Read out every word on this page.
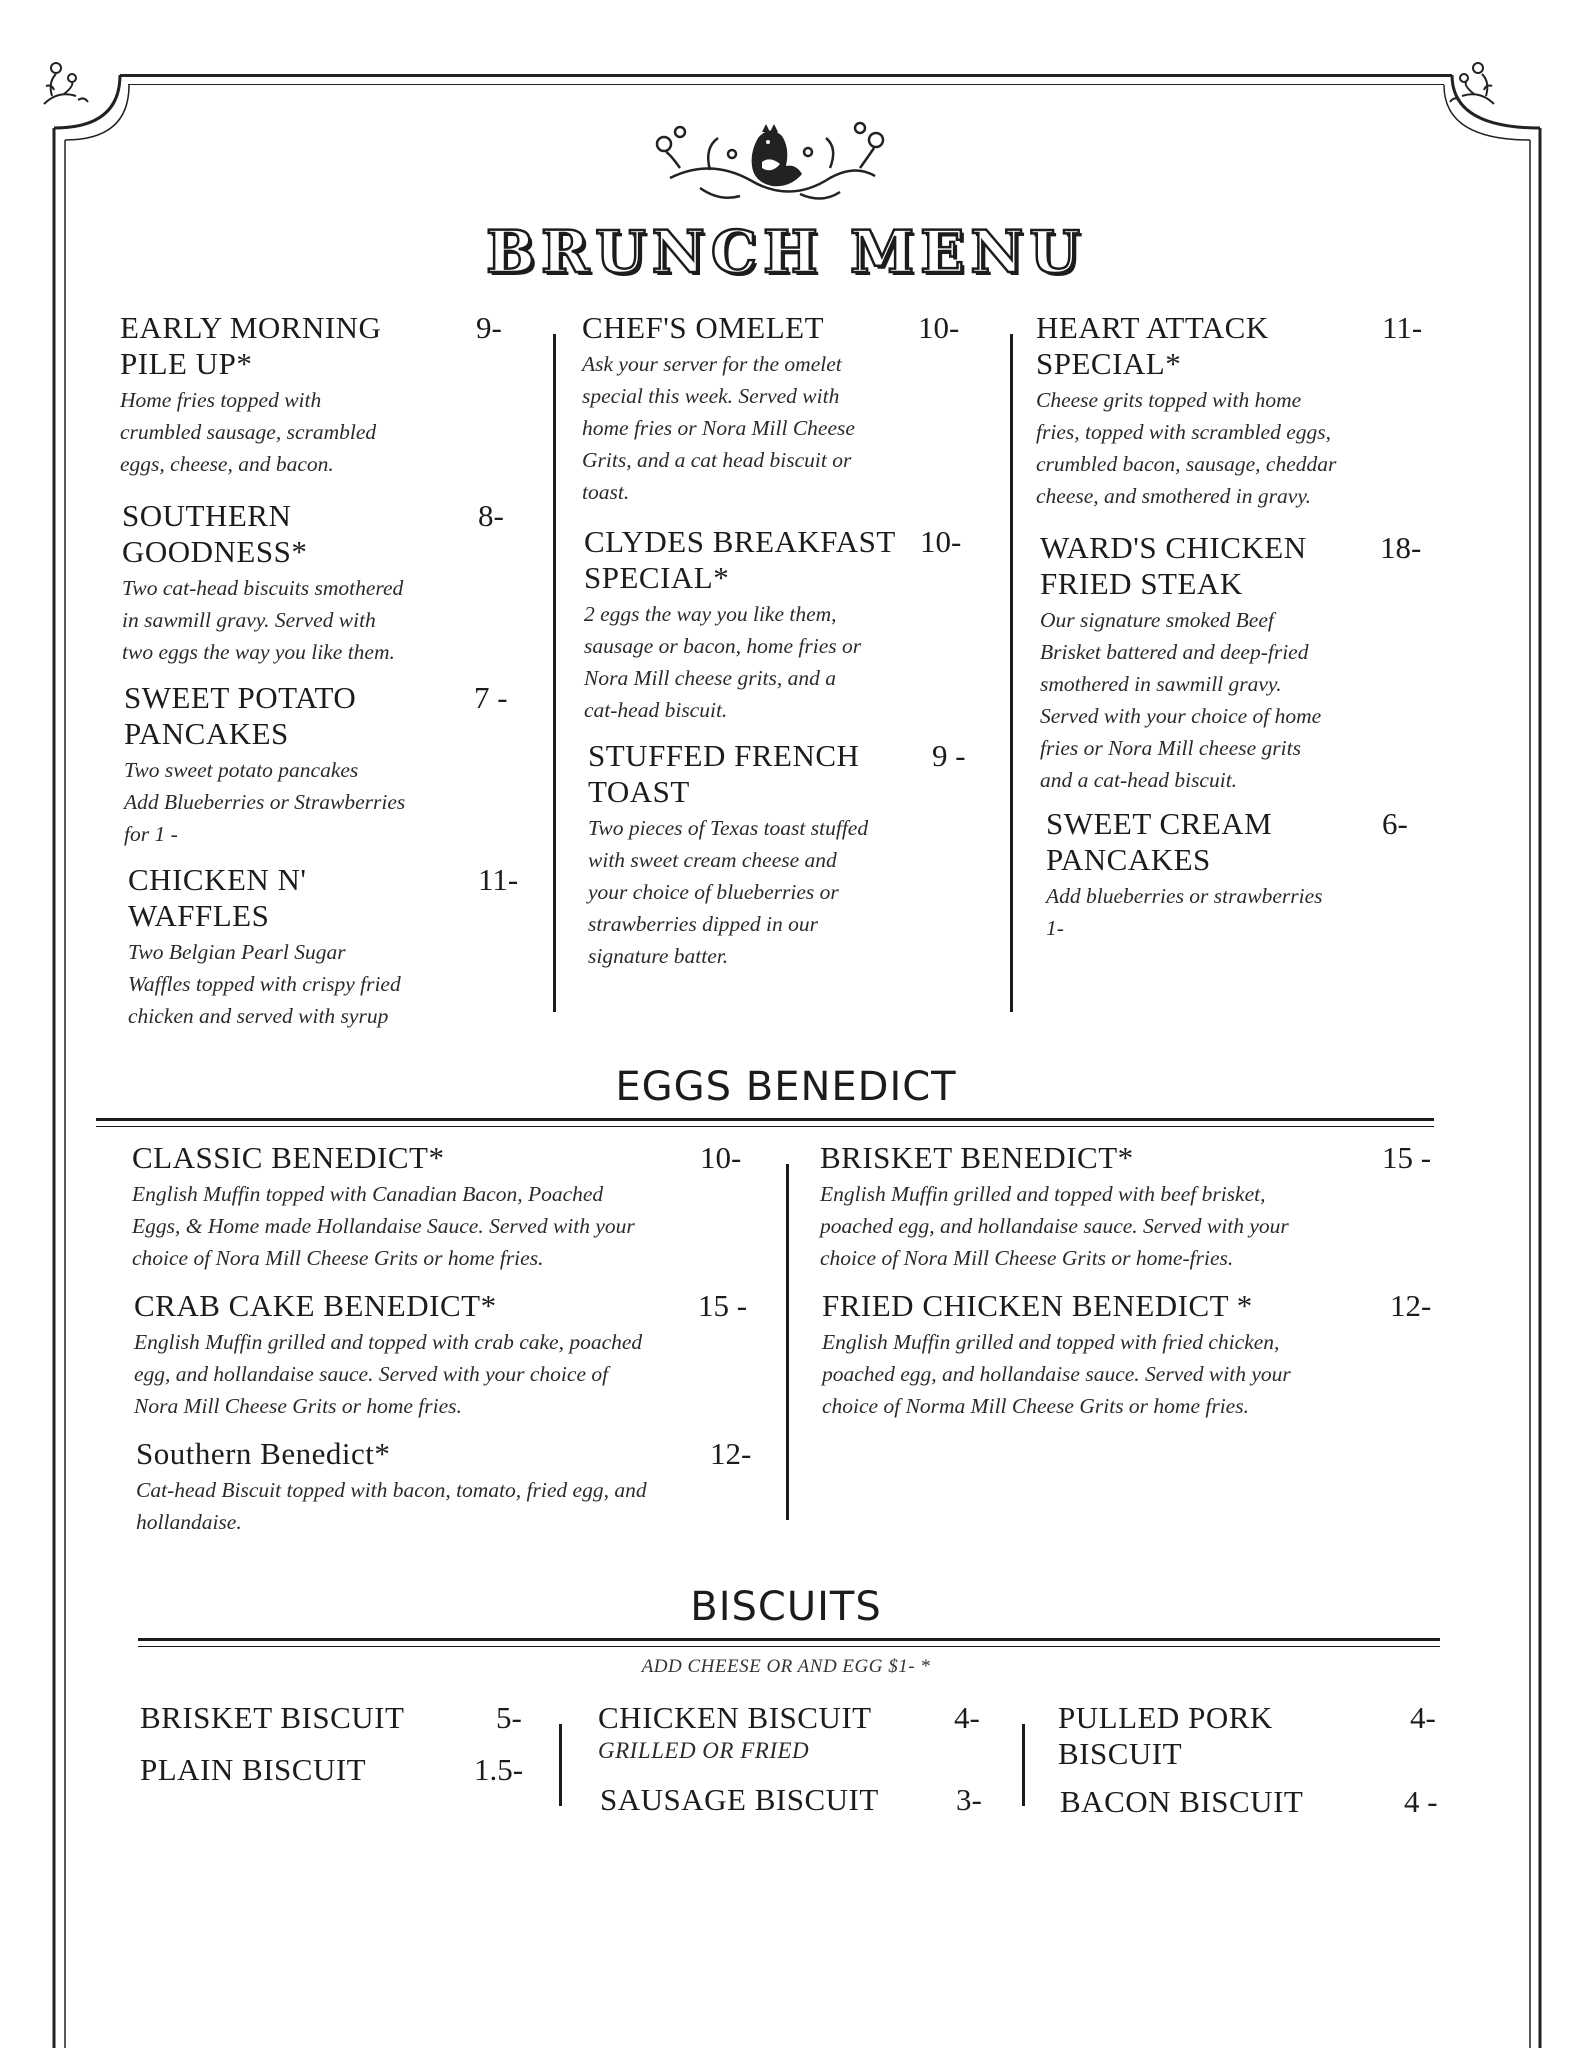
BRUNCH MENU
EARLY MORNING
PILE UP*
9-
Home fries topped with
crumbled sausage, scrambled
eggs, cheese, and bacon.
SOUTHERN
GOODNESS*
8-
Two cat-head biscuits smothered
in sawmill gravy. Served with
two eggs the way you like them.
SWEET POTATO
PANCAKES
7 -
Two sweet potato pancakes
Add Blueberries or Strawberries
for 1 -
CHICKEN N'
WAFFLES
11-
Two Belgian Pearl Sugar
Waffles topped with crispy fried
chicken and served with syrup
CHEF'S OMELET	10-
Ask your server for the omelet
special this week. Served with
home fries or Nora Mill Cheese
Grits, and a cat head biscuit or
toast.
CLYDES BREAKFAST
SPECIAL*
10-
2 eggs the way you like them,
sausage or bacon, home fries or
Nora Mill cheese grits, and a
cat-head biscuit.
STUFFED FRENCH
TOAST
9 -
Two pieces of Texas toast stuffed
with sweet cream cheese and
your choice of blueberries or
strawberries dipped in our
signature batter.
HEART ATTACK
SPECIAL*
11-
Cheese grits topped with home
fries, topped with scrambled eggs,
crumbled bacon, sausage, cheddar
cheese, and smothered in gravy.
WARD'S CHICKEN
FRIED STEAK
18-
Our signature smoked Beef
Brisket battered and deep-fried
smothered in sawmill gravy.
Served with your choice of home
fries or Nora Mill cheese grits
and a cat-head biscuit.
SWEET CREAM
PANCAKES
6-
Add blueberries or strawberries
1-
EGGS BENEDICT
CLASSIC BENEDICT*	10-
English Muffin topped with Canadian Bacon, Poached
Eggs, & Home made Hollandaise Sauce. Served with your
choice of Nora Mill Cheese Grits or home fries.
CRAB CAKE BENEDICT*	15 -
English Muffin grilled and topped with crab cake, poached
egg, and hollandaise sauce. Served with your choice of
Nora Mill Cheese Grits or home fries.
Southern Benedict*	12-
Cat-head Biscuit topped with bacon, tomato, fried egg, and
hollandaise.
BRISKET BENEDICT*	15 -
English Muffin grilled and topped with beef brisket,
poached egg, and hollandaise sauce. Served with your
choice of Nora Mill Cheese Grits or home-fries.
FRIED CHICKEN BENEDICT *	12-
English Muffin grilled and topped with fried chicken,
poached egg, and hollandaise sauce. Served with your
choice of Norma Mill Cheese Grits or home fries.
BISCUITS
ADD CHEESE OR AND EGG $1- *
BRISKET BISCUIT	5-
PLAIN BISCUIT	1.5-
CHICKEN BISCUIT
GRILLED OR FRIED
4-
SAUSAGE BISCUIT	3-
PULLED PORK
BISCUIT
4-
BACON BISCUIT	4 -
